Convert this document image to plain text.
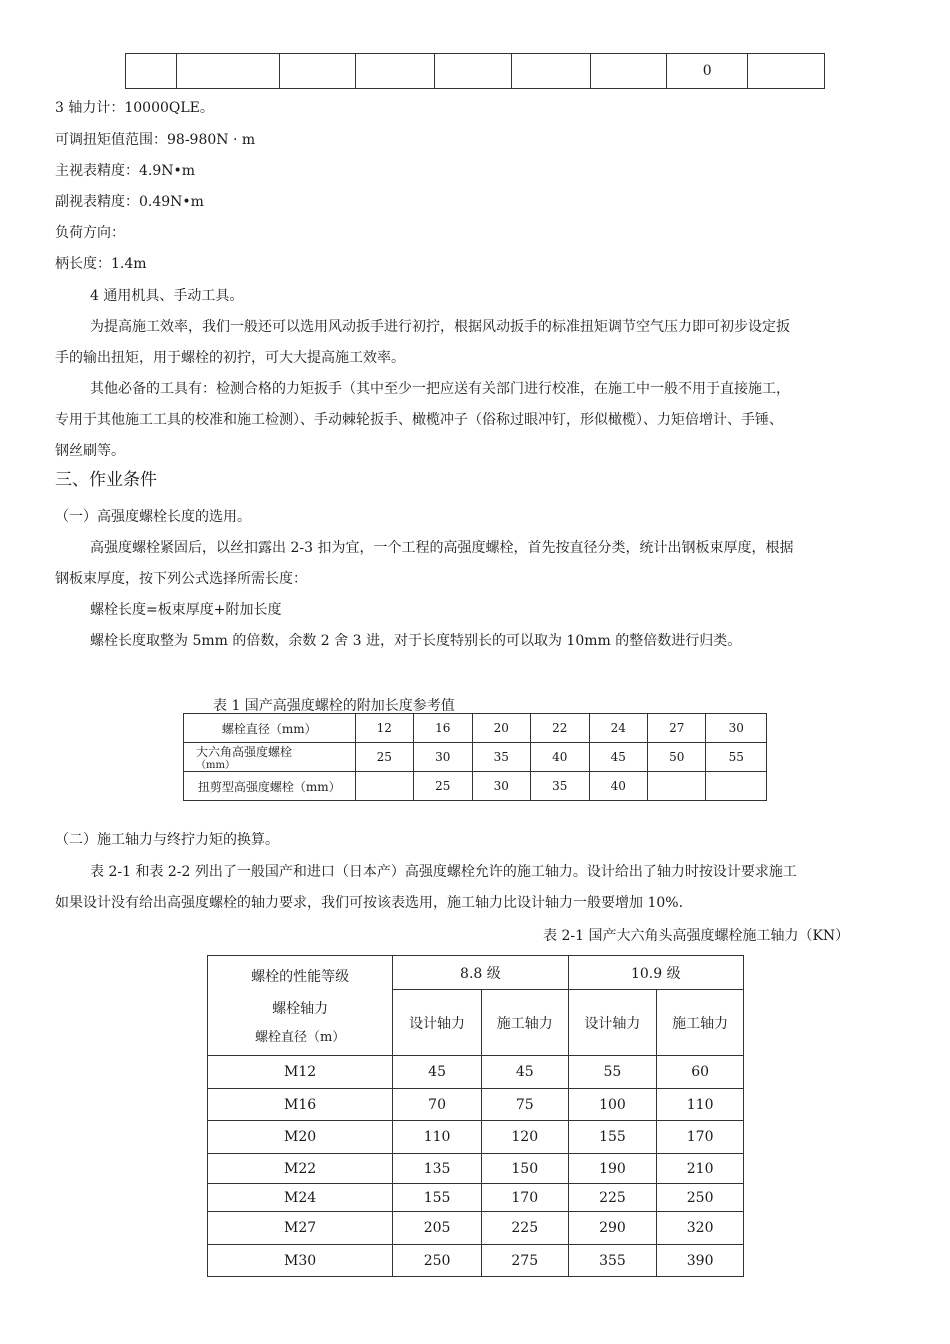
							0	
3 轴力计：10000QLE。
可调扭矩值范围：98-980N · m
主视表精度：4.9N•m
副视表精度：0.49N•m
负荷方向：
柄长度：1.4m
4 通用机具、手动工具。
为提高施工效率，我们一般还可以选用风动扳手进行初拧，根据风动扳手的标准扭矩调节空气压力即可初步设定扳
手的输出扭矩，用于螺栓的初拧，可大大提高施工效率。
其他必备的工具有：检测合格的力矩扳手（其中至少一把应送有关部门进行校准，在施工中一般不用于直接施工，
专用于其他施工工具的校准和施工检测）、手动棘轮扳手、橄榄冲子（俗称过眼冲钉，形似橄榄）、力矩倍增计、手锤、
钢丝刷等。
三、作业条件
（一）高强度螺栓长度的选用。
高强度螺栓紧固后，以丝扣露出 2-3 扣为宜，一个工程的高强度螺栓，首先按直径分类，统计出钢板束厚度，根据
钢板束厚度，按下列公式选择所需长度：
螺栓长度=板束厚度+附加长度
螺栓长度取整为 5mm 的倍数，余数 2 舍 3 进，对于长度特别长的可以取为 10mm 的整倍数进行归类。
表 1 国产高强度螺栓的附加长度参考值
螺栓直径（mm）	12	16	20	22	24	27	30
大六角高强度螺栓
（mm）	25	30	35	40	45	50	55
扭剪型高强度螺栓（mm）		25	30	35	40		
（二）施工轴力与终拧力矩的换算。
表 2-1 和表 2-2 列出了一般国产和进口（日本产）高强度螺栓允许的施工轴力。设计给出了轴力时按设计要求施工
如果设计没有给出高强度螺栓的轴力要求，我们可按该表选用，施工轴力比设计轴力一般要增加 10%.
表 2-1 国产大六角头高强度螺栓施工轴力（KN）
螺栓的性能等级
螺栓轴力
螺栓直径（m）	8.8 级		10.9 级	
	设计轴力	施工轴力	设计轴力	施工轴力
M12	45	45	55	60
M16	70	75	100	110
M20	110	120	155	170
M22	135	150	190	210
M24	155	170	225	250
M27	205	225	290	320
M30	250	275	355	390
